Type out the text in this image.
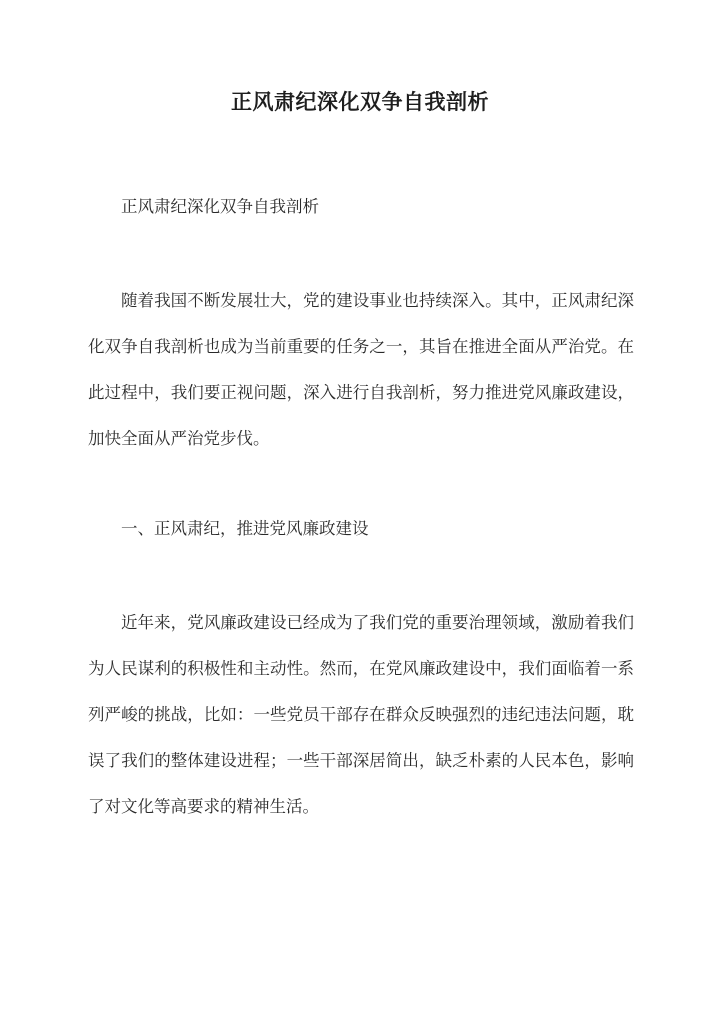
正风肃纪深化双争自我剖析

正风肃纪深化双争自我剖析

随着我国不断发展壮大，党的建设事业也持续深入。其中，正风肃纪深化双争自我剖析也成为当前重要的任务之一，其旨在推进全面从严治党。在此过程中，我们要正视问题，深入进行自我剖析，努力推进党风廉政建设，加快全面从严治党步伐。

一、正风肃纪，推进党风廉政建设

近年来，党风廉政建设已经成为了我们党的重要治理领域，激励着我们为人民谋利的积极性和主动性。然而，在党风廉政建设中，我们面临着一系列严峻的挑战，比如：一些党员干部存在群众反映强烈的违纪违法问题，耽误了我们的整体建设进程；一些干部深居简出，缺乏朴素的人民本色，影响了对文化等高要求的精神生活。
